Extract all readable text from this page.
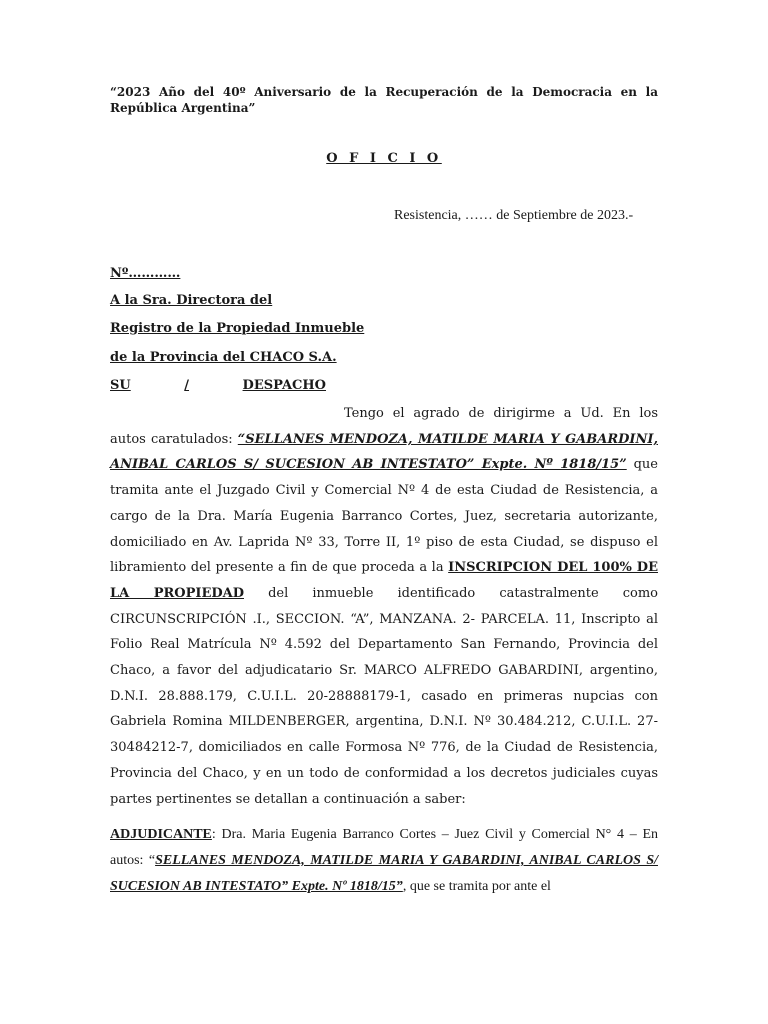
“2023 Año del 40º Aniversario de la Recuperación de la Democracia en la República Argentina”
O F I C I O
Resistencia, …… de Septiembre de 2023.-
Nº…………
A la Sra. Directora del
Registro de la Propiedad Inmueble
de la Provincia del CHACO S.A.
SU	/	DESPACHO
Tengo el agrado de dirigirme a Ud. En los autos caratulados: “SELLANES MENDOZA, MATILDE MARIA Y GABARDINI, ANIBAL CARLOS S/ SUCESION AB INTESTATO” Expte. Nº 1818/15” que tramita ante el Juzgado Civil y Comercial Nº 4 de esta Ciudad de Resistencia, a cargo de la Dra. María Eugenia Barranco Cortes, Juez, secretaria autorizante, domiciliado en Av. Laprida Nº 33, Torre II, 1º piso de esta Ciudad, se dispuso el libramiento del presente a fin de que proceda a la INSCRIPCION DEL 100% DE LA PROPIEDAD del inmueble identificado catastralmente como CIRCUNSCRIPCIÓN .I., SECCION. “A”, MANZANA. 2- PARCELA. 11, Inscripto al Folio Real Matrícula Nº 4.592 del Departamento San Fernando, Provincia del Chaco, a favor del adjudicatario Sr. MARCO ALFREDO GABARDINI, argentino, D.N.I. 28.888.179, C.U.I.L. 20-28888179-1, casado en primeras nupcias con Gabriela Romina MILDENBERGER, argentina, D.N.I. Nº 30.484.212, C.U.I.L. 27-30484212-7, domiciliados en calle Formosa Nº 776, de la Ciudad de Resistencia, Provincia del Chaco, y en un todo de conformidad a los decretos judiciales cuyas partes pertinentes se detallan a continuación a saber:
ADJUDICANTE: Dra. Maria Eugenia Barranco Cortes – Juez Civil y Comercial N° 4 – En autos: “SELLANES MENDOZA, MATILDE MARIA Y GABARDINI, ANIBAL CARLOS S/ SUCESION AB INTESTATO” Expte. Nº 1818/15”, que se tramita por ante el
